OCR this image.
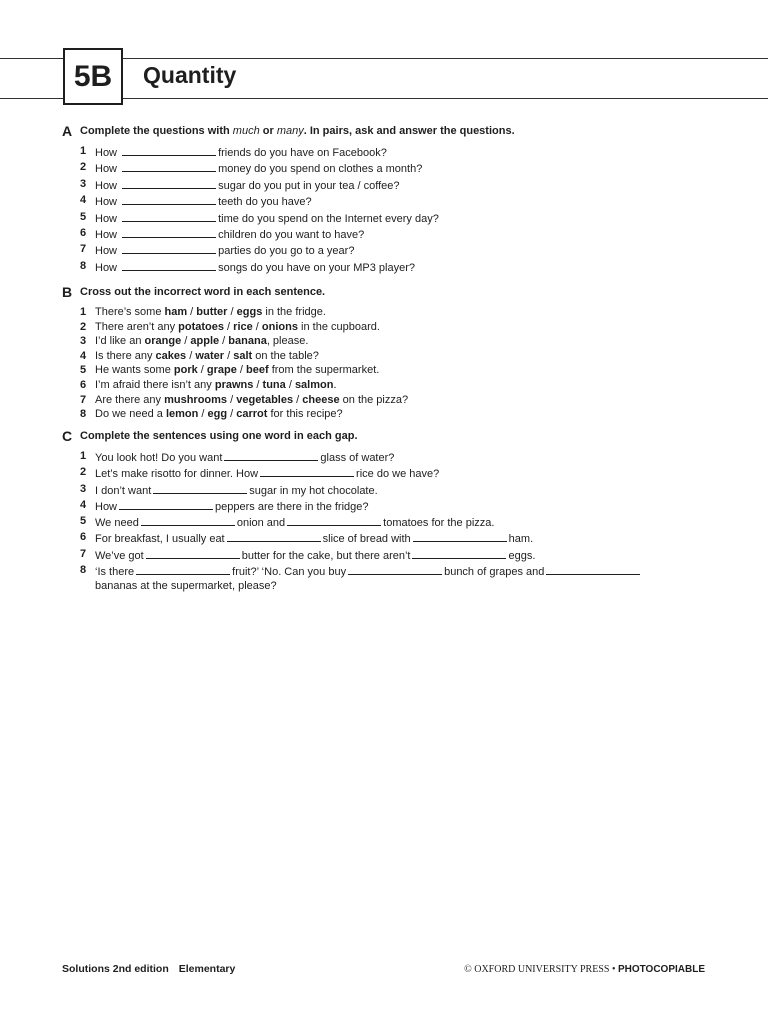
5B Quantity
A Complete the questions with much or many. In pairs, ask and answer the questions.
1 How	friends do you have on Facebook?
2 How	money do you spend on clothes a month?
3 How	sugar do you put in your tea / coffee?
4 How	teeth do you have?
5 How	time do you spend on the Internet every day?
6 How	children do you want to have?
7 How	parties do you go to a year?
8 How	songs do you have on your MP3 player?
B Cross out the incorrect word in each sentence.
1 There’s some ham / butter / eggs in the fridge.
2 There aren’t any potatoes / rice / onions in the cupboard.
3 I’d like an orange / apple / banana, please.
4 Is there any cakes / water / salt on the table?
5 He wants some pork / grape / beef from the supermarket.
6 I’m afraid there isn’t any prawns / tuna / salmon.
7 Are there any mushrooms / vegetables / cheese on the pizza?
8 Do we need a lemon / egg / carrot for this recipe?
C Complete the sentences using one word in each gap.
1 You look hot! Do you want	glass of water?
2 Let’s make risotto for dinner. How	rice do we have?
3 I don’t want	sugar in my hot chocolate.
4 How	peppers are there in the fridge?
5 We need	onion and	tomatoes for the pizza.
6 For breakfast, I usually eat	slice of bread with	ham.
7 We’ve got	butter for the cake, but there aren’t	eggs.
8 ‘Is there	fruit?’ ‘No. Can you buy	bunch of grapes and
bananas at the supermarket, please?
Solutions 2nd edition Elementary	© OXFORD UNIVERSITY PRESS • PHOTOCOPIABLE
